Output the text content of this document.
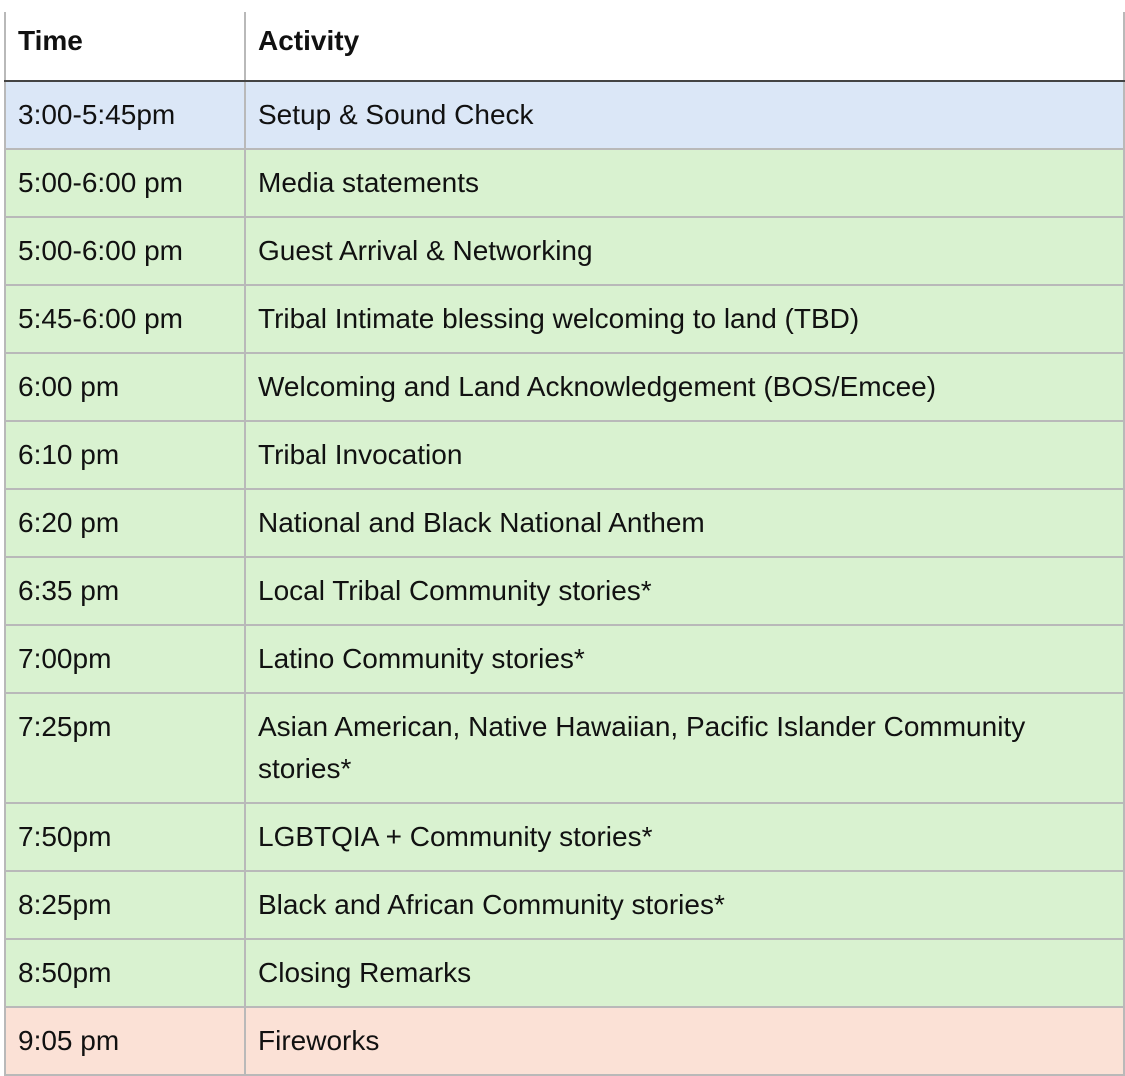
Time	Activity
3:00-5:45pm	Setup & Sound Check
5:00-6:00 pm	Media statements
5:00-6:00 pm	Guest Arrival & Networking
5:45-6:00 pm	Tribal Intimate blessing welcoming to land (TBD)
6:00 pm	Welcoming and Land Acknowledgement (BOS/Emcee)
6:10 pm	Tribal Invocation
6:20 pm	National and Black National Anthem
6:35 pm	Local Tribal Community stories*
7:00pm	Latino Community stories*
7:25pm	Asian American, Native Hawaiian, Pacific Islander Community stories*
7:50pm	LGBTQIA + Community stories*
8:25pm	Black and African Community stories*
8:50pm	Closing Remarks
9:05 pm	Fireworks
